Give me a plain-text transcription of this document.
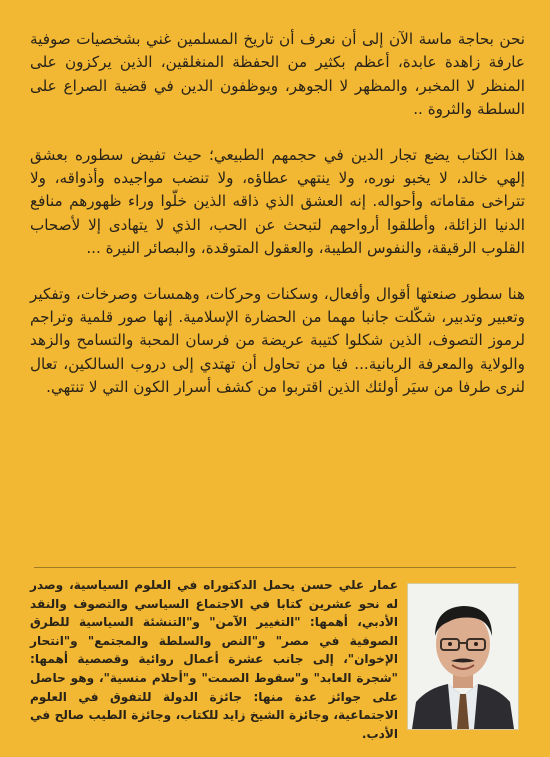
نحن بحاجة ماسة الآن إلى أن نعرف أن تاريخ المسلمين غني بشخصيات صوفية عارفة زاهدة عابدة، أعظم بكثير من الحفظة المنغلقين، الذين يركزون على المنظر لا المخبر، والمظهر لا الجوهر، ويوظفون الدين في قضية الصراع على السلطة والثروة ..

هذا الكتاب يضع تجار الدين في حجمهم الطبيعي؛ حيث تفيض سطوره بعشق إلهي خالد، لا يخبو نوره، ولا ينتهي عطاؤه، ولا تنضب مواجيده وأذواقه، ولا تتراخى مقاماته وأحواله. إنه العشق الذي ذاقه الذين خلّوا وراء ظهورهم منافع الدنيا الزائلة، وأطلقوا أرواحهم لتبحث عن الحب، الذي لا يتهادى إلا لأصحاب القلوب الرقيقة، والنفوس الطيبة، والعقول المتوقدة، والبصائر النيرة ...

هنا سطور صنعتها أقوال وأفعال، وسكنات وحركات، وهمسات وصرخات، وتفكير وتعبير وتدبير، شكّلت جانبا مهما من الحضارة الإسلامية. إنها صور قلمية وتراجم لرموز التصوف، الذين شكلوا كتيبة عريضة من فرسان المحبة والتسامح والزهد والولاية والمعرفة الربانية... فيا من تحاول أن تهتدي إلى دروب السالكين، تعال لنرى طرفا من سيَر أولئك الذين اقتربوا من كشف أسرار الكون التي لا تنتهي.

عمار علي حسن يحمل الدكتوراه في العلوم السياسية، وصدر له نحو عشرين كتابا في الاجتماع السياسي والتصوف والنقد الأدبي، أهمها: "التغيير الآمن" و"التنشئة السياسية للطرق الصوفية في مصر" و"النص والسلطة والمجتمع" و"انتحار الإخوان"، إلى جانب عشرة أعمال روائية وقصصية أهمها: "شجرة العابد" و"سقوط الصمت" و"أحلام منسية"، وهو حاصل على جوائز عدة منها: جائزة الدولة للتفوق في العلوم الاجتماعية، وجائزة الشيخ زايد للكتاب، وجائزة الطيب صالح في الأدب.
